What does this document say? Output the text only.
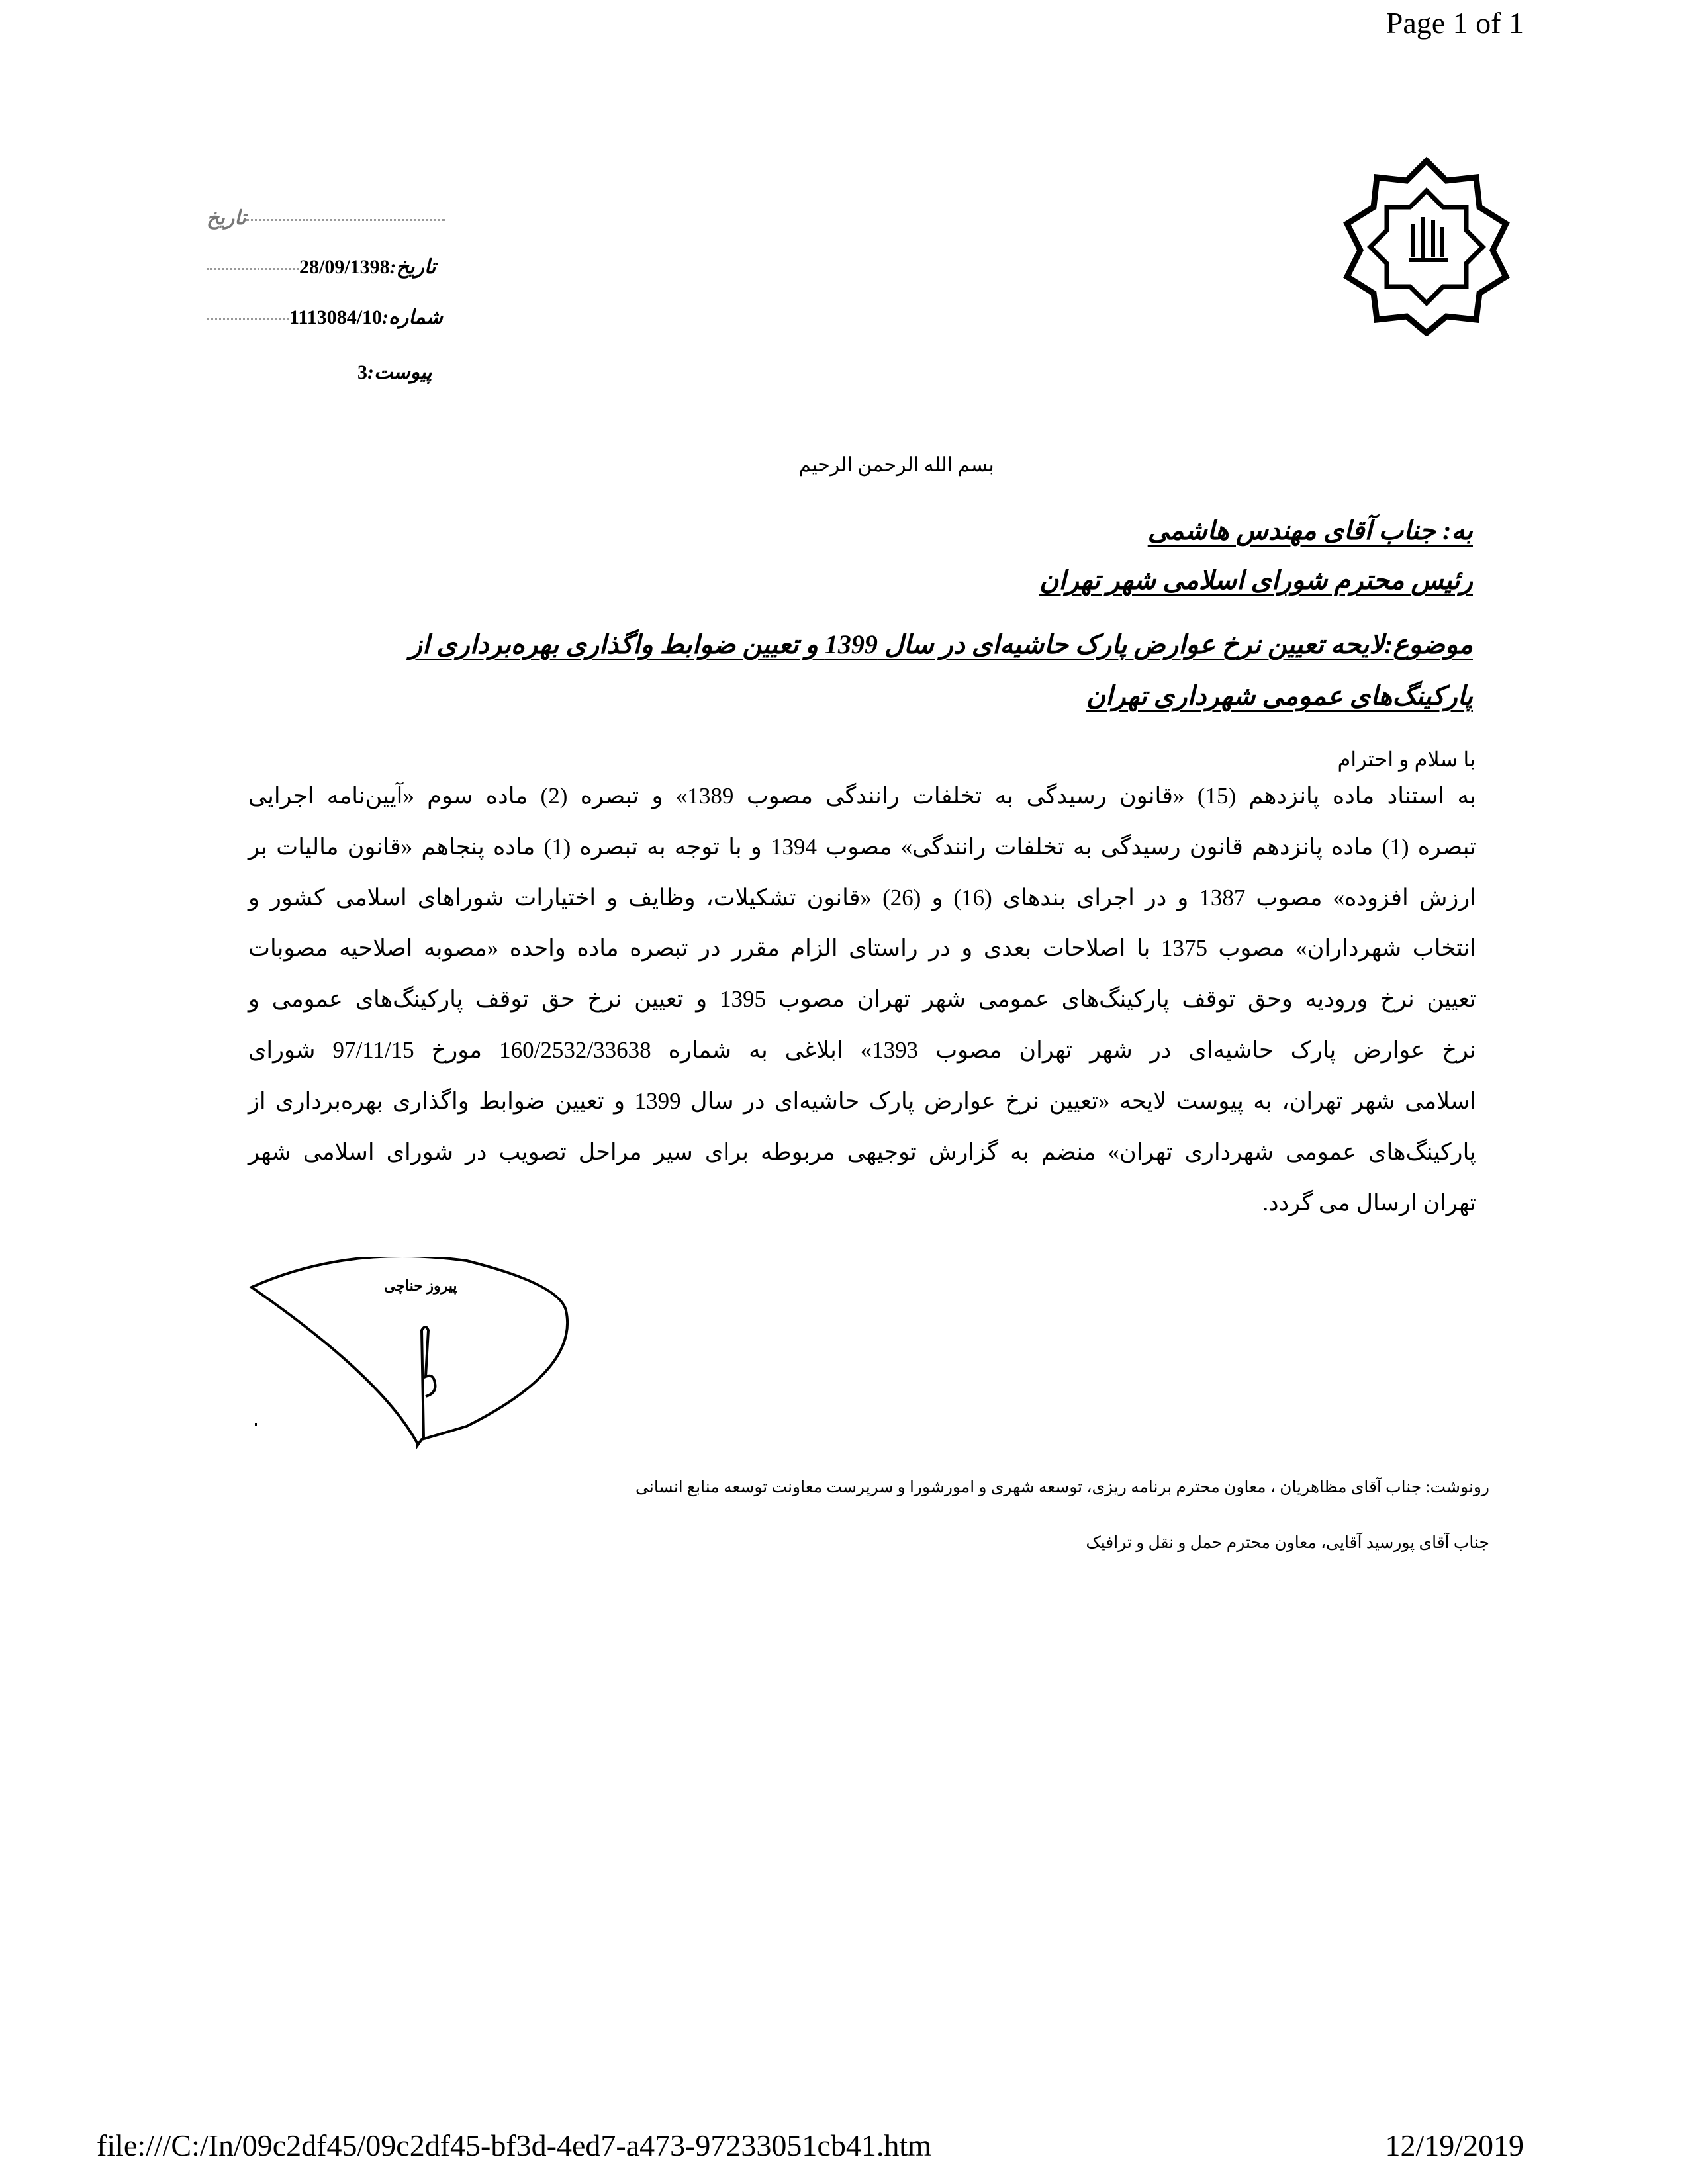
Page 1 of 1
تاریخ
تاریخ:28/09/1398
شماره:1113084/10
پیوست:3
بسم الله الرحمن الرحیم
به: جناب آقای مهندس هاشمی
رئیس محترم شورای اسلامی شهر تهران
موضوع:لایحه تعیین نرخ عوارض پارک حاشیه‌ای در سال 1399 و تعیین ضوابط واگذاری بهره‌برداری از
پارکینگ‌های عمومی شهرداری تهران
با سلام و احترام
به استناد ماده پانزدهم (15) «قانون رسیدگی به تخلفات رانندگی مصوب 1389» و تبصره (2) ماده سوم «آیین‌نامه اجرایی
تبصره (1) ماده پانزدهم قانون رسیدگی به تخلفات رانندگی» مصوب 1394 و با توجه به تبصره (1) ماده پنجاهم «قانون مالیات بر
ارزش افزوده» مصوب 1387 و در اجرای بندهای (16) و (26) «قانون تشکیلات، وظایف و اختیارات شوراهای اسلامی کشور و
انتخاب شهرداران» مصوب 1375 با اصلاحات بعدی و در راستای الزام مقرر در تبصره ماده واحده «مصوبه اصلاحیه مصوبات
تعیین نرخ ورودیه وحق توقف پارکینگ‌های عمومی شهر تهران مصوب 1395 و تعیین نرخ حق توقف پارکینگ‌های عمومی و
نرخ عوارض پارک حاشیه‌ای در شهر تهران مصوب 1393» ابلاغی به شماره 160/2532/33638 مورخ 97/11/15 شورای
اسلامی شهر تهران، به پیوست لایحه «تعیین نرخ عوارض پارک حاشیه‌ای در سال 1399 و تعیین ضوابط واگذاری بهره‌برداری از
پارکینگ‌های عمومی شهرداری تهران» منضم به گزارش توجیهی مربوطه برای سیر مراحل تصویب در شورای اسلامی شهر
تهران ارسال می گردد.
پیروز حناچی
رونوشت: جناب آقای مظاهریان ، معاون محترم برنامه ریزی، توسعه شهری و امورشورا و سرپرست معاونت توسعه منابع انسانی
جناب آقای پورسید آقایی، معاون محترم حمل و نقل و ترافیک
file:///C:/In/09c2df45/09c2df45-bf3d-4ed7-a473-97233051cb41.htm	12/19/2019
